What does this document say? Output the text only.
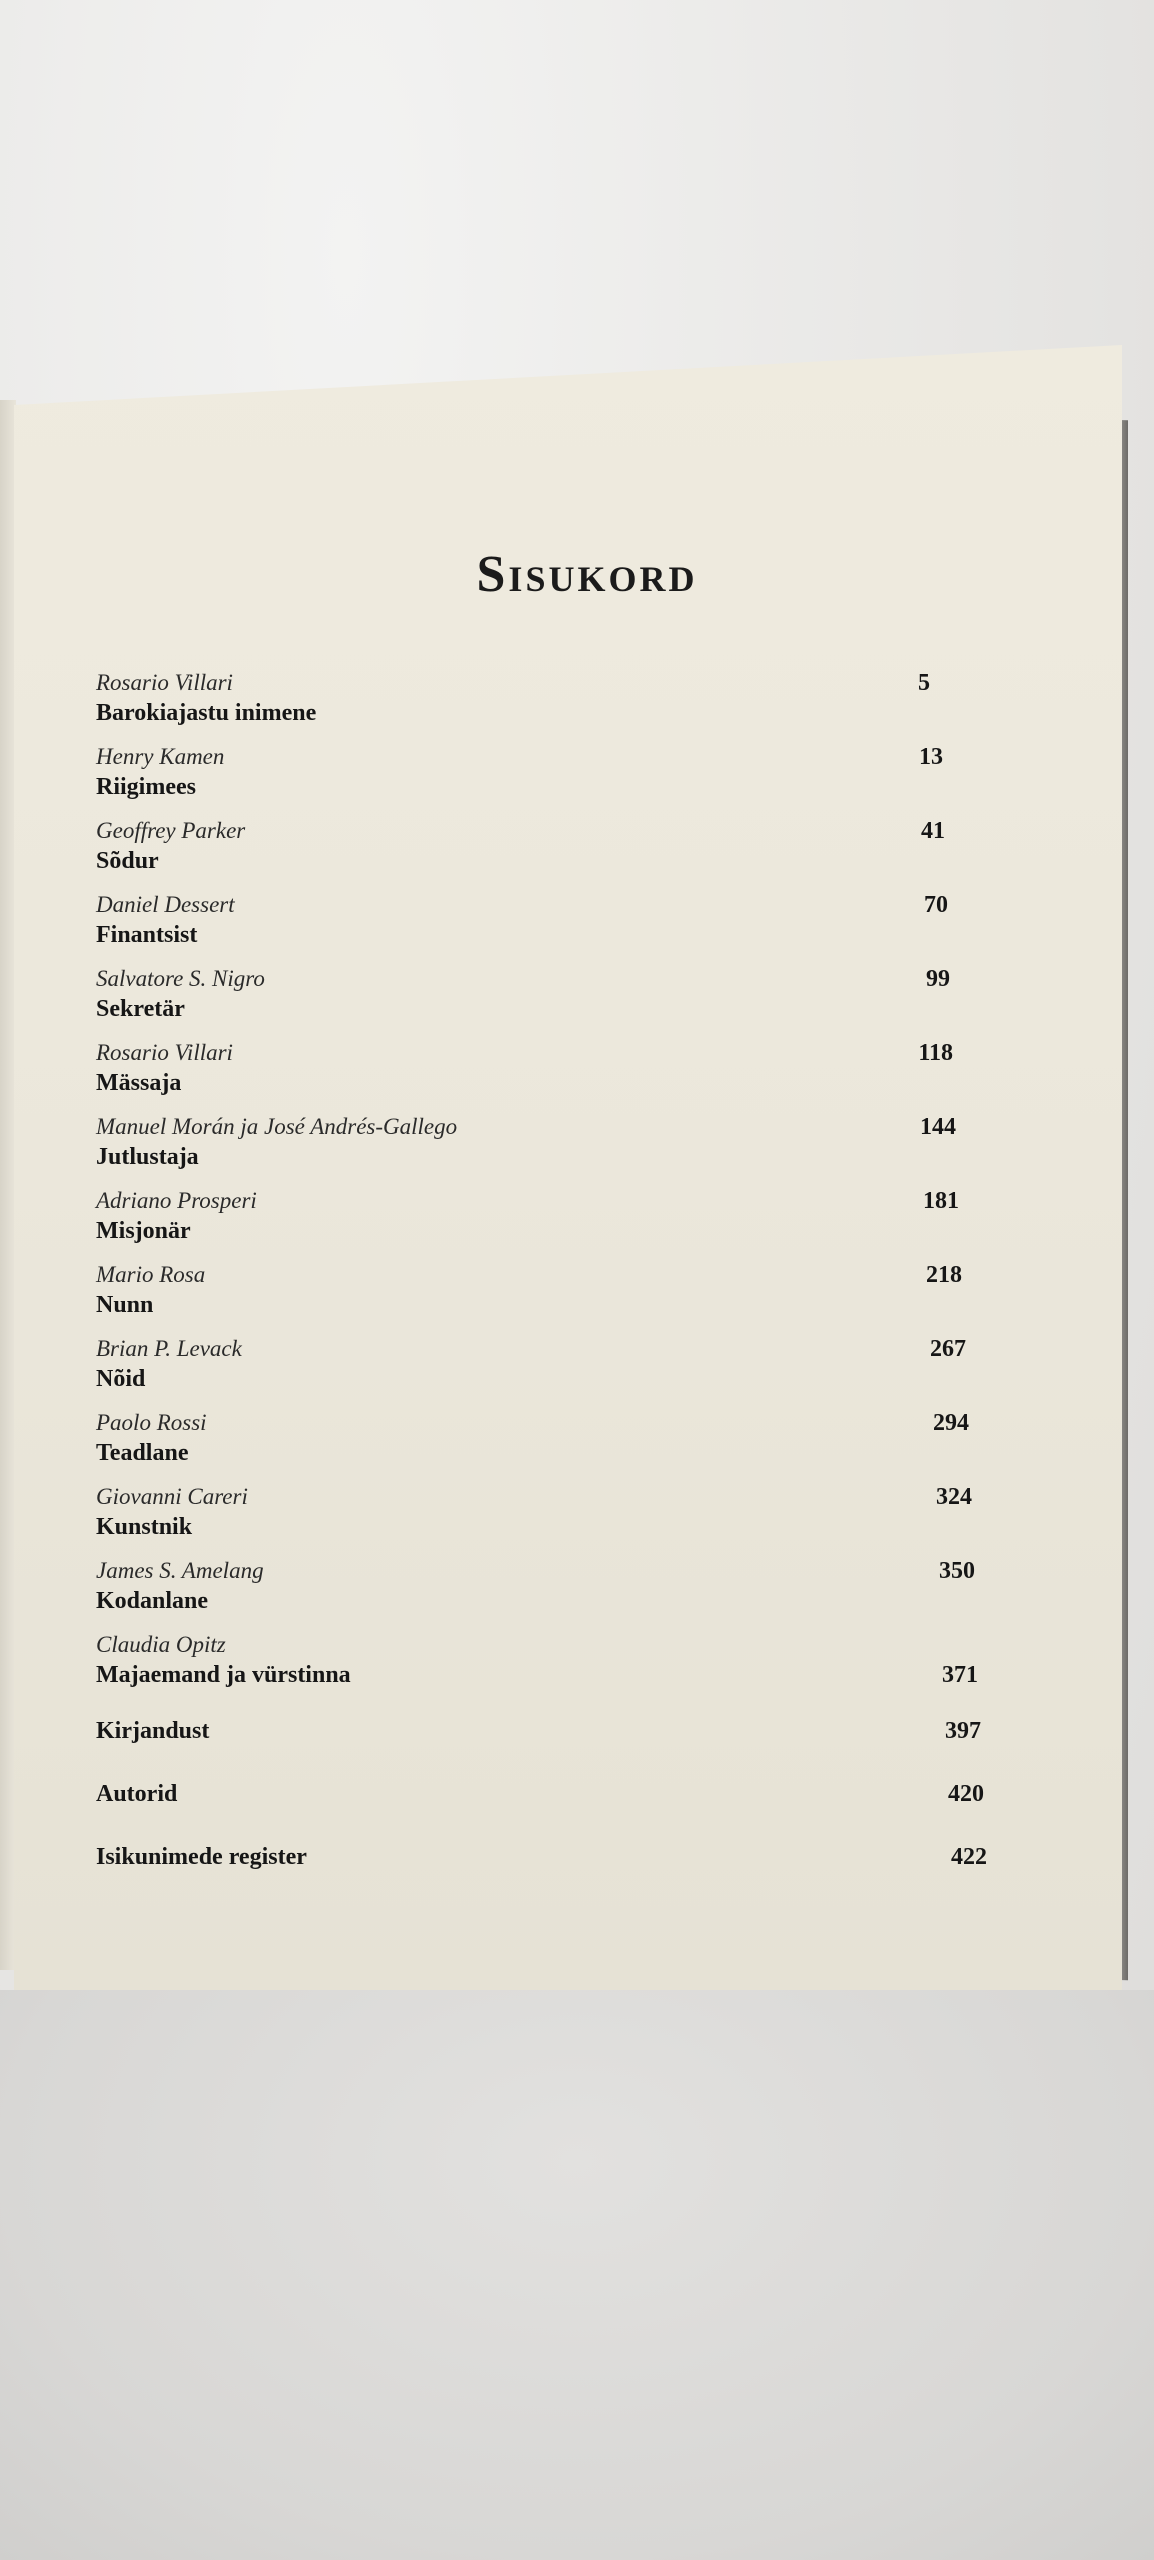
Sisukord
Rosario Villari
Barokiajastu inimene
5
Henry Kamen
Riigimees
13
Geoffrey Parker
Sõdur
41
Daniel Dessert
Finantsist
70
Salvatore S. Nigro
Sekretär
99
Rosario Villari
Mässaja
118
Manuel Morán ja José Andrés-Gallego
Jutlustaja
144
Adriano Prosperi
Misjonär
181
Mario Rosa
Nunn
218
Brian P. Levack
Nõid
267
Paolo Rossi
Teadlane
294
Giovanni Careri
Kunstnik
324
James S. Amelang
Kodanlane
350
Claudia Opitz
Majaemand ja vürstinna	371
Kirjandust	397
Autorid	420
Isikunimede register	422
